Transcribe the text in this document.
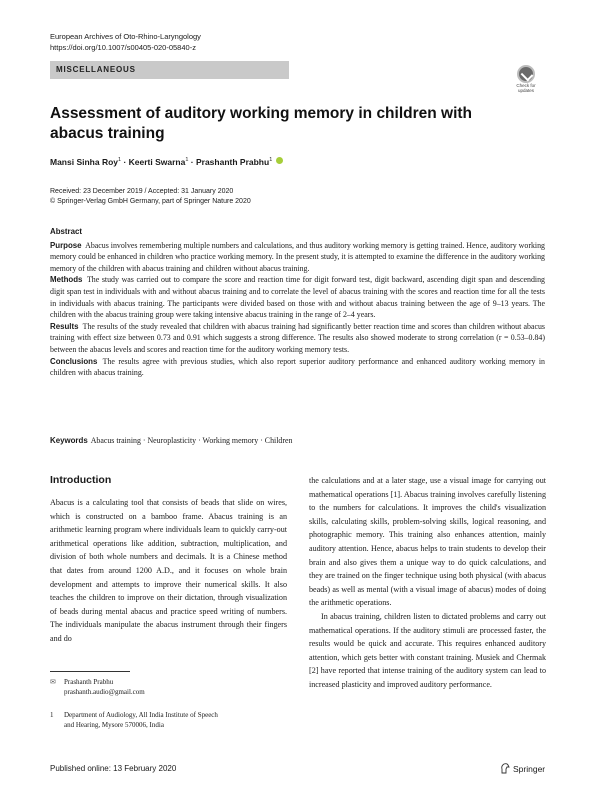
European Archives of Oto-Rhino-Laryngology
https://doi.org/10.1007/s00405-020-05840-z
MISCELLANEOUS
Check for
updates
Assessment of auditory working memory in children with abacus training
Mansi Sinha Roy$^1$ · Keerti Swarna$^1$ · Prashanth Prabhu$^1$
Received: 23 December 2019 / Accepted: 31 January 2020
© Springer-Verlag GmbH Germany, part of Springer Nature 2020
Abstract

Purpose Abacus involves remembering multiple numbers and calculations, and thus auditory working memory is getting trained. Hence, auditory working memory could be enhanced in children who practice working memory. In the present study, it is attempted to examine the difference in the auditory working memory of the children with abacus training and children without abacus training.

Methods The study was carried out to compare the score and reaction time for digit forward test, digit backward, ascending digit span and descending digit span test in individuals with and without abacus training and to correlate the level of abacus training with the scores and reaction time for all the tests in individuals with abacus training. The participants were divided based on those with and without abacus training between the age of 9–13 years. The children with the abacus training group were taking intensive abacus training in the range of 2–4 years.

Results The results of the study revealed that children with abacus training had significantly better reaction time and scores than children without abacus training with effect size between 0.73 and 0.91 which suggests a strong difference. The results also showed moderate to strong correlation (r = 0.53–0.84) between the abacus levels and scores and reaction time for the auditory working memory tests.

Conclusions The results agree with previous studies, which also report superior auditory performance and enhanced auditory working memory in children with abacus training.

Keywords Abacus training · Neuroplasticity · Working memory · Children
Introduction

Abacus is a calculating tool that consists of beads that slide on wires, which is constructed on a bamboo frame. Abacus training is an arithmetic learning program where individuals learn to quickly carry-out arithmetical operations like addition, subtraction, multiplication, and division of both whole numbers and decimals. It is a Chinese method that dates from around 1200 A.D., and it focuses on whole brain development and attempts to improve their numerical skills. It also teaches the children to improve on their dictation, through visualization of beads during mental abacus and practice speed writing of numbers. The individuals manipulate the abacus instrument through their fingers and do

the calculations and at a later stage, use a visual image for carrying out mathematical operations [1]. Abacus training involves carefully listening to the numbers for calculations. It improves the child's visualization skills, calculating skills, problem-solving skills, logical reasoning, and photographic memory. This training also enhances attention, mainly auditory attention. Hence, abacus helps to train students to develop their brain and also gives them a unique way to do quick calculations, and they are trained on the finger technique using both physical (with abacus beads) as well as mental (with a visual image of abacus) modes of doing the arithmetic operations.

In abacus training, children listen to dictated problems and carry out mathematical operations. If the auditory stimuli are processed faster, the results would be quick and accurate. This requires enhanced auditory attention, which gets better with constant training. Musiek and Chermak [2] have reported that intense training of the auditory system can lead to increased plasticity and improved auditory performance.

✉	Prashanth Prabhu
prashanth.audio@gmail.com
1	Department of Audiology, All India Institute of Speech
and Hearing, Mysore 570006, India
Published online: 13 February 2020	Springer
